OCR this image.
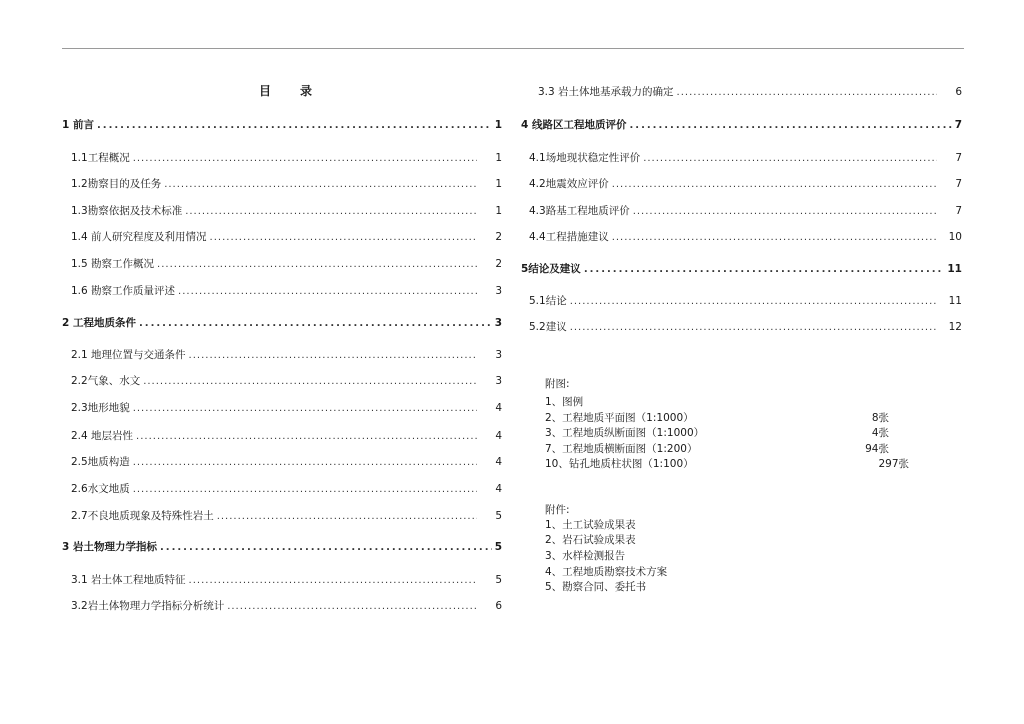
目 录
1 前言 .....	1
1.1工程概况 .....	1
1.2勘察目的及任务 .....	1
1.3勘察依据及技术标准 .....	1
1.4 前人研究程度及利用情况 .....	2
1.5 勘察工作概况 .....	2
1.6 勘察工作质量评述 .....	3
2 工程地质条件 .....	3
2.1 地理位置与交通条件 .....	3
2.2气象、水文 .....	3
2.3地形地貌 .....	4
2.4 地层岩性 .....	4
2.5地质构造 .....	4
2.6水文地质 .....	4
2.7不良地质现象及特殊性岩土 .....	5
3 岩土物理力学指标 .....	5
3.1 岩土体工程地质特征 .....	5
3.2岩土体物理力学指标分析统计 .....	6
3.3 岩土体地基承载力的确定 .....	6
4 线路区工程地质评价 .....	7
4.1场地现状稳定性评价 .....	7
4.2地震效应评价 .....	7
4.3路基工程地质评价 .....	7
4.4工程措施建议 .....	10
5结论及建议 .....	11
5.1结论 .....	11
5.2建议 .....	12
附图:
1、图例
2、工程地质平面图（1:1000）	8张
3、工程地质纵断面图（1:1000）	4张
7、工程地质横断面图（1:200）	94张
10、钻孔地质柱状图（1:100）	297张
附件:
1、土工试验成果表
2、岩石试验成果表
3、水样检测报告
4、工程地质勘察技术方案
5、勘察合同、委托书
